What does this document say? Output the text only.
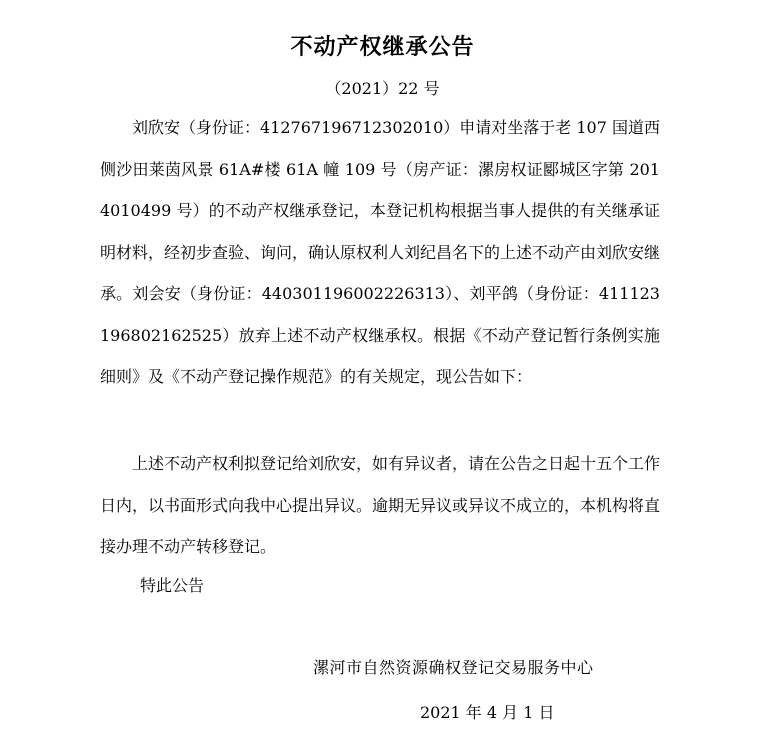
不动产权继承公告
（2021）22 号

刘欣安（身份证：412767196712302010）申请对坐落于老 107 国道西侧沙田莱茵风景 61A#楼 61A 幢 109 号（房产证：漯房权证郾城区字第 2014010499 号）的不动产权继承登记，本登记机构根据当事人提供的有关继承证明材料，经初步查验、询问，确认原权利人刘纪昌名下的上述不动产由刘欣安继承。刘会安（身份证：440301196002226313）、刘平鸽（身份证：411123196802162525）放弃上述不动产权继承权。根据《不动产登记暂行条例实施细则》及《不动产登记操作规范》的有关规定，现公告如下：

上述不动产权利拟登记给刘欣安，如有异议者，请在公告之日起十五个工作日内，以书面形式向我中心提出异议。逾期无异议或异议不成立的，本机构将直接办理不动产转移登记。

特此公告
漯河市自然资源确权登记交易服务中心
2021 年 4 月 1 日
